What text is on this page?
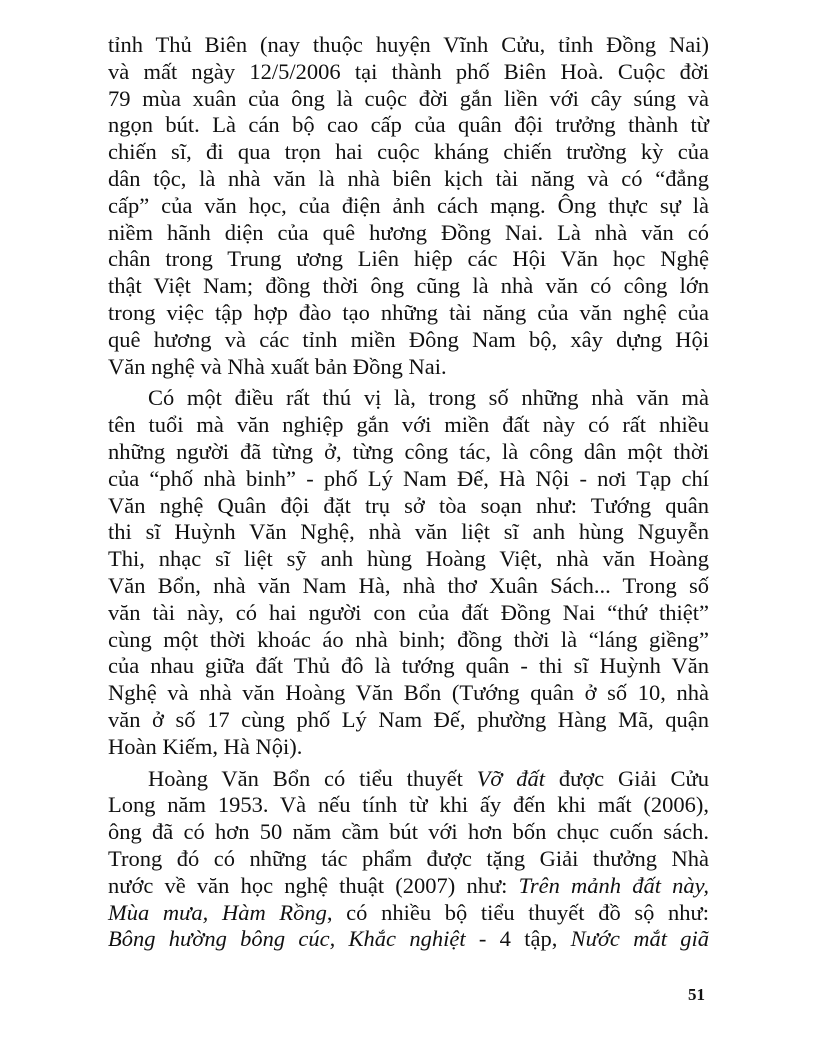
tỉnh Thủ Biên (nay thuộc huyện Vĩnh Cửu, tỉnh Đồng Nai)
và mất ngày 12/5/2006 tại thành phố Biên Hoà. Cuộc đời
79 mùa xuân của ông là cuộc đời gắn liền với cây súng và
ngọn bút. Là cán bộ cao cấp của quân đội trưởng thành từ
chiến sĩ, đi qua trọn hai cuộc kháng chiến trường kỳ của
dân tộc, là nhà văn là nhà biên kịch tài năng và có “đẳng
cấp” của văn học, của điện ảnh cách mạng. Ông thực sự là
niềm hãnh diện của quê hương Đồng Nai. Là nhà văn có
chân trong Trung ương Liên hiệp các Hội Văn học Nghệ
thật Việt Nam; đồng thời ông cũng là nhà văn có công lớn
trong việc tập hợp đào tạo những tài năng của văn nghệ của
quê hương và các tỉnh miền Đông Nam bộ, xây dựng Hội
Văn nghệ và Nhà xuất bản Đồng Nai.
Có một điều rất thú vị là, trong số những nhà văn mà
tên tuổi mà văn nghiệp gắn với miền đất này có rất nhiều
những người đã từng ở, từng công tác, là công dân một thời
của “phố nhà binh” - phố Lý Nam Đế, Hà Nội - nơi Tạp chí
Văn nghệ Quân đội đặt trụ sở tòa soạn như: Tướng quân
thi sĩ Huỳnh Văn Nghệ, nhà văn liệt sĩ anh hùng Nguyễn
Thi, nhạc sĩ liệt sỹ anh hùng Hoàng Việt, nhà văn Hoàng
Văn Bổn, nhà văn Nam Hà, nhà thơ Xuân Sách... Trong số
văn tài này, có hai người con của đất Đồng Nai “thứ thiệt”
cùng một thời khoác áo nhà binh; đồng thời là “láng giềng”
của nhau giữa đất Thủ đô là tướng quân - thi sĩ Huỳnh Văn
Nghệ và nhà văn Hoàng Văn Bổn (Tướng quân ở số 10, nhà
văn ở số 17 cùng phố Lý Nam Đế, phường Hàng Mã, quận
Hoàn Kiếm, Hà Nội).
Hoàng Văn Bổn có tiểu thuyết Vỡ đất được Giải Cửu
Long năm 1953. Và nếu tính từ khi ấy đến khi mất (2006),
ông đã có hơn 50 năm cầm bút với hơn bốn chục cuốn sách.
Trong đó có những tác phẩm được tặng Giải thưởng Nhà
nước về văn học nghệ thuật (2007) như: Trên mảnh đất này,
Mùa mưa, Hàm Rồng, có nhiều bộ tiểu thuyết đồ sộ như:
Bông hường bông cúc, Khắc nghiệt - 4 tập, Nước mắt giã
51
